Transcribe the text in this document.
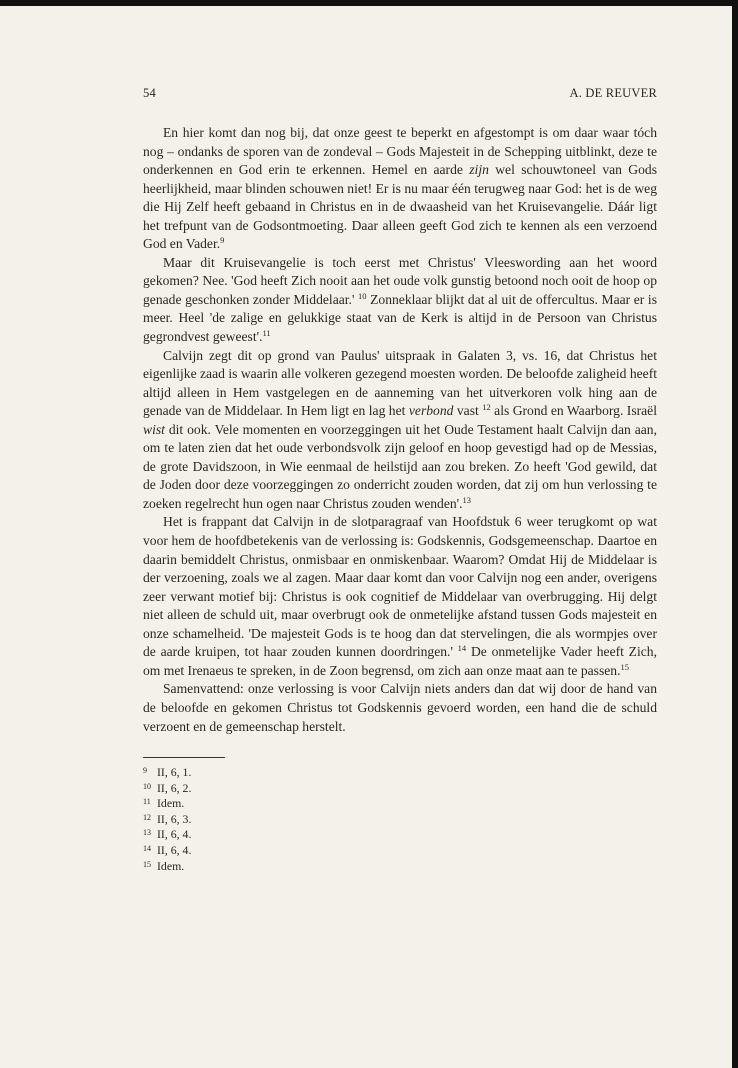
54	A. DE REUVER

En hier komt dan nog bij, dat onze geest te beperkt en afgestompt is om daar waar tóch nog – ondanks de sporen van de zondeval – Gods Majesteit in de Schepping uitblinkt, deze te onderkennen en God erin te erkennen. Hemel en aarde zijn wel schouwtoneel van Gods heerlijkheid, maar blinden schouwen niet! Er is nu maar één terugweg naar God: het is de weg die Hij Zelf heeft gebaand in Christus en in de dwaasheid van het Kruisevangelie. Dáár ligt het trefpunt van de Godsontmoeting. Daar alleen geeft God zich te kennen als een verzoend God en Vader.$^9$

Maar dit Kruisevangelie is toch eerst met Christus' Vleeswording aan het woord gekomen? Nee. 'God heeft Zich nooit aan het oude volk gunstig betoond noch ooit de hoop op genade geschonken zonder Middelaar.' $^{10}$ Zonneklaar blijkt dat al uit de offercultus. Maar er is meer. Heel 'de zalige en gelukkige staat van de Kerk is altijd in de Persoon van Christus gegrondvest geweest'.$^{11}$

Calvijn zegt dit op grond van Paulus' uitspraak in Galaten 3, vs. 16, dat Christus het eigenlijke zaad is waarin alle volkeren gezegend moesten worden. De beloofde zaligheid heeft altijd alleen in Hem vastgelegen en de aanneming van het uitverkoren volk hing aan de genade van de Middelaar. In Hem ligt en lag het verbond vast $^{12}$ als Grond en Waarborg. Israël wist dit ook. Vele momenten en voorzeggingen uit het Oude Testament haalt Calvijn dan aan, om te laten zien dat het oude verbondsvolk zijn geloof en hoop gevestigd had op de Messias, de grote Davidszoon, in Wie eenmaal de heilstijd aan zou breken. Zo heeft 'God gewild, dat de Joden door deze voorzeggingen zo onderricht zouden worden, dat zij om hun verlossing te zoeken regelrecht hun ogen naar Christus zouden wenden'.$^{13}$

Het is frappant dat Calvijn in de slotparagraaf van Hoofdstuk 6 weer terugkomt op wat voor hem de hoofdbetekenis van de verlossing is: Godskennis, Godsgemeenschap. Daartoe en daarin bemiddelt Christus, onmisbaar en onmiskenbaar. Waarom? Omdat Hij de Middelaar is der verzoening, zoals we al zagen. Maar daar komt dan voor Calvijn nog een ander, overigens zeer verwant motief bij: Christus is ook cognitief de Middelaar van overbrugging. Hij delgt niet alleen de schuld uit, maar overbrugt ook de onmetelijke afstand tussen Gods majesteit en onze schamelheid. 'De majesteit Gods is te hoog dan dat stervelingen, die als wormpjes over de aarde kruipen, tot haar zouden kunnen doordringen.' $^{14}$ De onmetelijke Vader heeft Zich, om met Irenaeus te spreken, in de Zoon begrensd, om zich aan onze maat aan te passen.$^{15}$

Samenvattend: onze verlossing is voor Calvijn niets anders dan dat wij door de hand van de beloofde en gekomen Christus tot Godskennis gevoerd worden, een hand die de schuld verzoent en de gemeenschap herstelt.

9 II, 6, 1.
10 II, 6, 2.
11 Idem.
12 II, 6, 3.
13 II, 6, 4.
14 II, 6, 4.
15 Idem.
